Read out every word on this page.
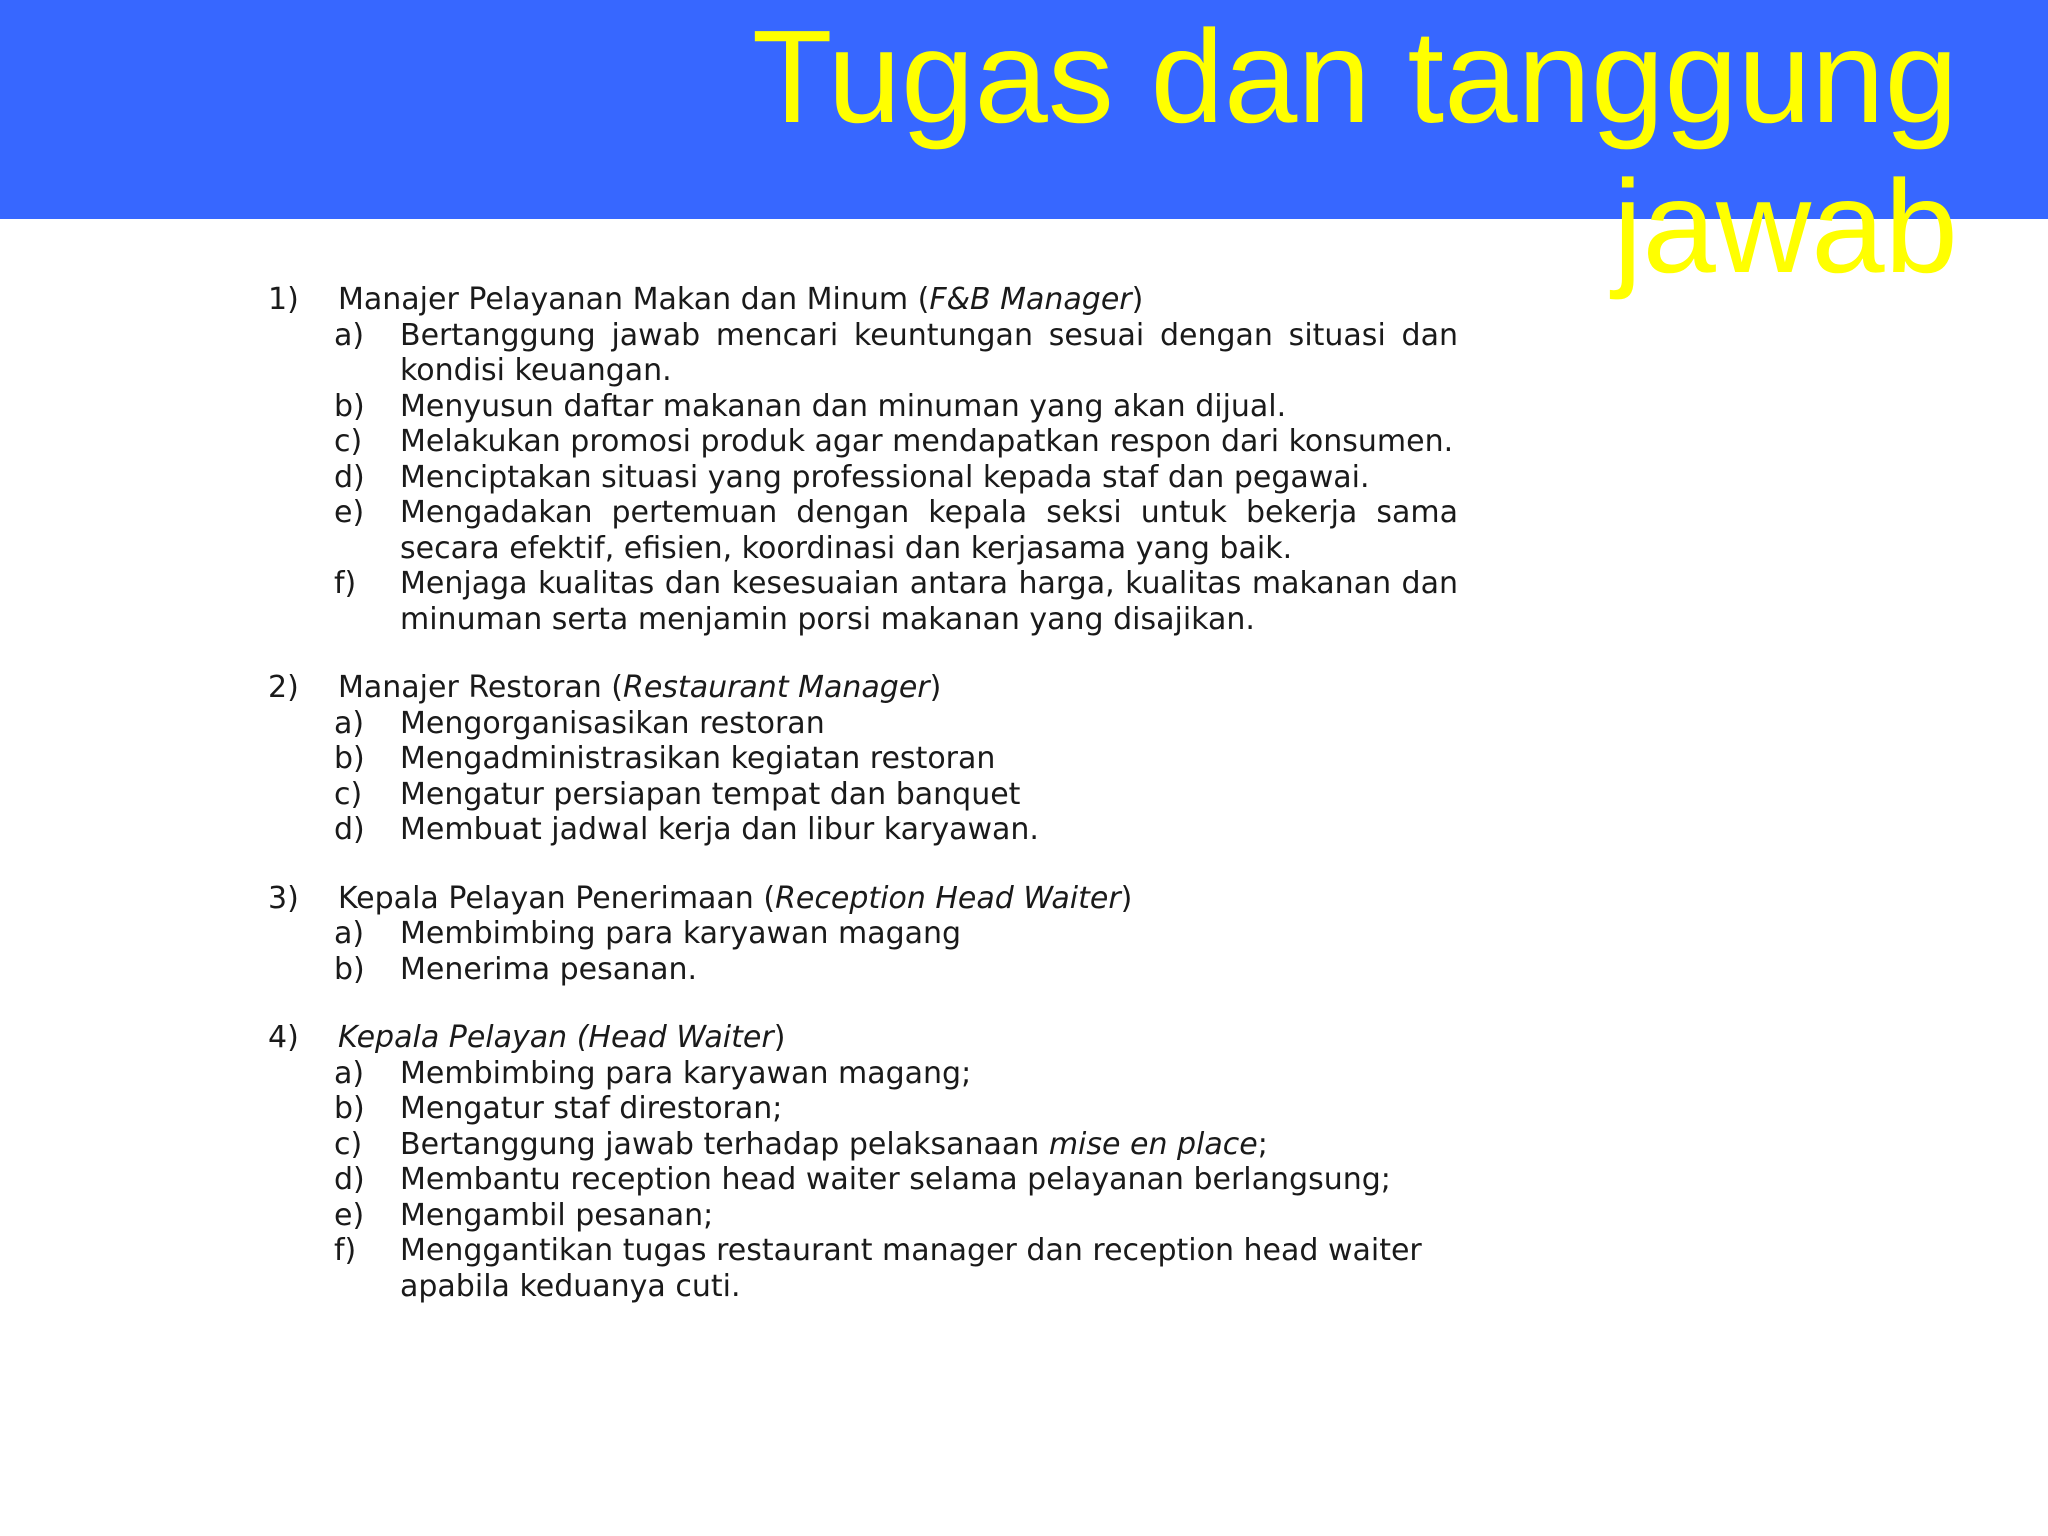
Tugas dan tanggung jawab
1)	Manajer Pelayanan Makan dan Minum (F&B Manager)
a)	Bertanggung jawab mencari keuntungan sesuai dengan situasi dan kondisi keuangan.
b)	Menyusun daftar makanan dan minuman yang akan dijual.
c)	Melakukan promosi produk agar mendapatkan respon dari konsumen.
d)	Menciptakan situasi yang professional kepada staf dan pegawai.
e)	Mengadakan pertemuan dengan kepala seksi untuk bekerja sama secara efektif, efisien, koordinasi dan kerjasama yang baik.
f)	Menjaga kualitas dan kesesuaian antara harga, kualitas makanan dan minuman serta menjamin porsi makanan yang disajikan.
2)	Manajer Restoran (Restaurant Manager)
a)	Mengorganisasikan restoran
b)	Mengadministrasikan kegiatan restoran
c)	Mengatur persiapan tempat dan banquet
d)	Membuat jadwal kerja dan libur karyawan.
3)	Kepala Pelayan Penerimaan (Reception Head Waiter)
a)	Membimbing para karyawan magang
b)	Menerima pesanan.
4)	Kepala Pelayan (Head Waiter)
a)	Membimbing para karyawan magang;
b)	Mengatur staf direstoran;
c)	Bertanggung jawab terhadap pelaksanaan mise en place;
d)	Membantu reception head waiter selama pelayanan berlangsung;
e)	Mengambil pesanan;
f)	Menggantikan tugas restaurant manager dan reception head waiter apabila keduanya cuti.
